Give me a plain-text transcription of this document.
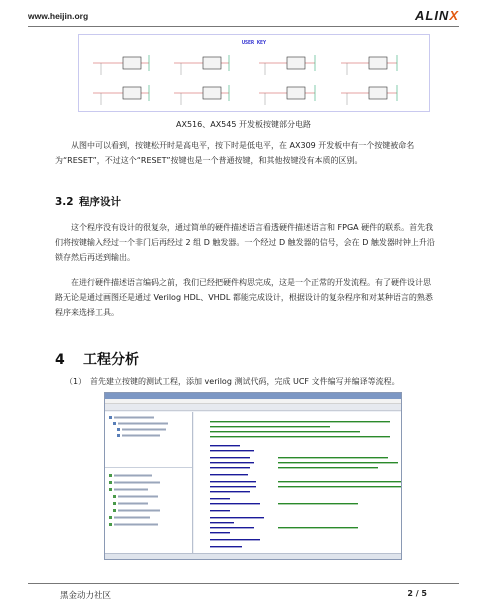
www.heijin.org	ALINX
USER KEY
AX516、AX545 开发板按键部分电路
从图中可以看到，按键松开时是高电平，按下时是低电平，在 AX309 开发板中有一个按键被命名为“RESET”，不过这个“RESET”按键也是一个普通按键，和其他按键没有本质的区别。
3.2 程序设计
这个程序没有设计的很复杂，通过简单的硬件描述语言看透硬件描述语言和 FPGA 硬件的联系。首先我们将按键输入经过一个非门后再经过 2 组 D 触发器。一个经过 D 触发器的信号，会在 D 触发器时钟上升沿锁存然后再送到输出。
在进行硬件描述语言编码之前，我们已经把硬件构思完成，这是一个正常的开发流程。有了硬件设计思路无论是通过画图还是通过 Verilog HDL、VHDL 都能完成设计，根据设计的复杂程序和对某种语言的熟悉程序来选择工具。
4 工程分析
（1） 首先建立按键的测试工程，添加 verilog 测试代码，完成 UCF 文件编写并编译等流程。

黑金动力社区	2 / 5
